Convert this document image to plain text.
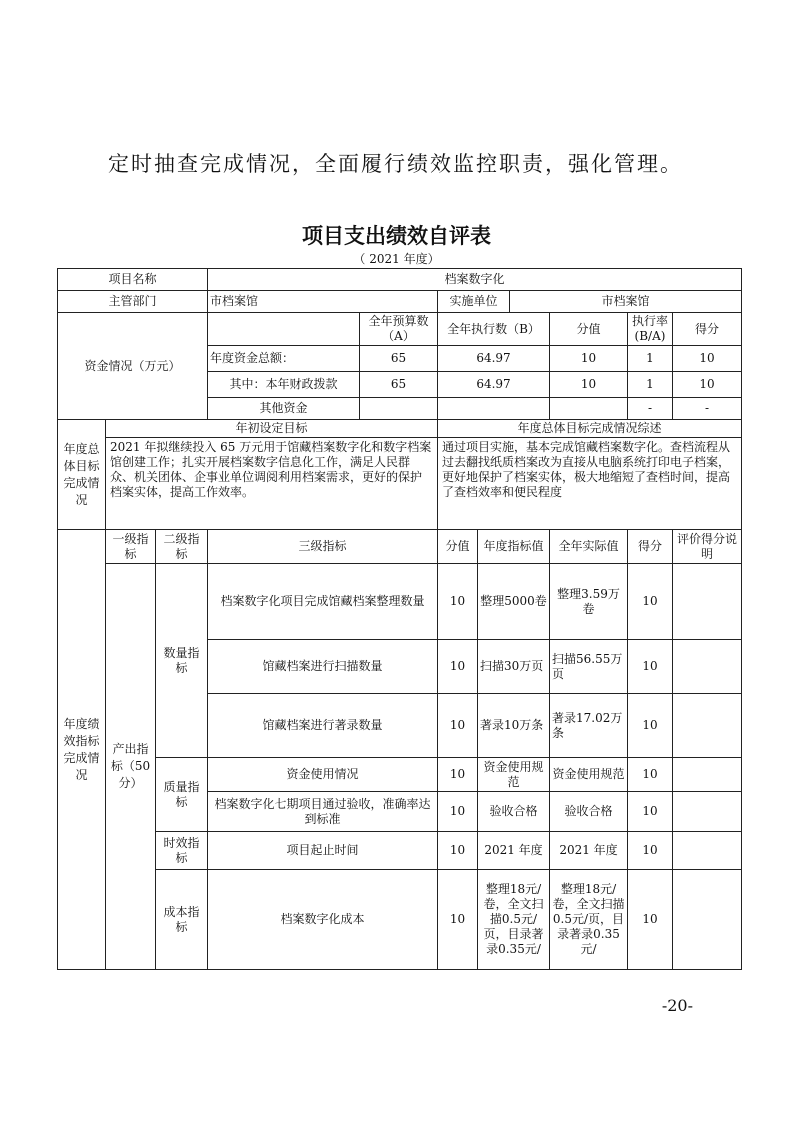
定时抽查完成情况，全面履行绩效监控职责，强化管理。
项目支出绩效自评表
（ 2021 年度）
项目名称			档案数字化							
主管部门			市档案馆		实施单位		市档案馆			
资金情况（万元）				全年预算数（A）	全年执行数（B）			分值	执行率(B/A)	得分
			年度资金总额：	65	64.97			10	1	10
			其中：本年财政拨款	65	64.97			10	1	10
			其他资金						-	-
年度总体目标完成情况	年初设定目标				年度总体目标完成情况综述					
	2021 年拟继续投入 65 万元用于馆藏档案数字化和数字档案馆创建工作；扎实开展档案数字信息化工作，满足人民群众、机关团体、企事业单位调阅利用档案需求，更好的保护档案实体，提高工作效率。				通过项目实施，基本完成馆藏档案数字化。查档流程从过去翻找纸质档案改为直接从电脑系统打印电子档案，更好地保护了档案实体，极大地缩短了查档时间，提高了查档效率和便民程度					
年度绩效指标完成情况	一级指标	二级指标	三级指标		分值	年度指标值		全年实际值	得分	评价得分说明
	产出指标（50分）	数量指标	档案数字化项目完成馆藏档案整理数量		10	整理5000卷		整理3.59万卷	10	
			馆藏档案进行扫描数量		10	扫描30万页		扫描56.55万页	10	
			馆藏档案进行著录数量		10	著录10万条		著录17.02万条	10	
		质量指标	资金使用情况		10	资金使用规范		资金使用规范	10	
			档案数字化七期项目通过验收，准确率达到标准		10	验收合格		验收合格	10	
		时效指标	项目起止时间		10	2021 年度		2021 年度	10	
		成本指标	档案数字化成本		10	整理18元/卷，全文扫描0.5元/页，目录著录0.35元/		整理18元/卷，全文扫描0.5元/页，目录著录0.35元/	10	
-20-
